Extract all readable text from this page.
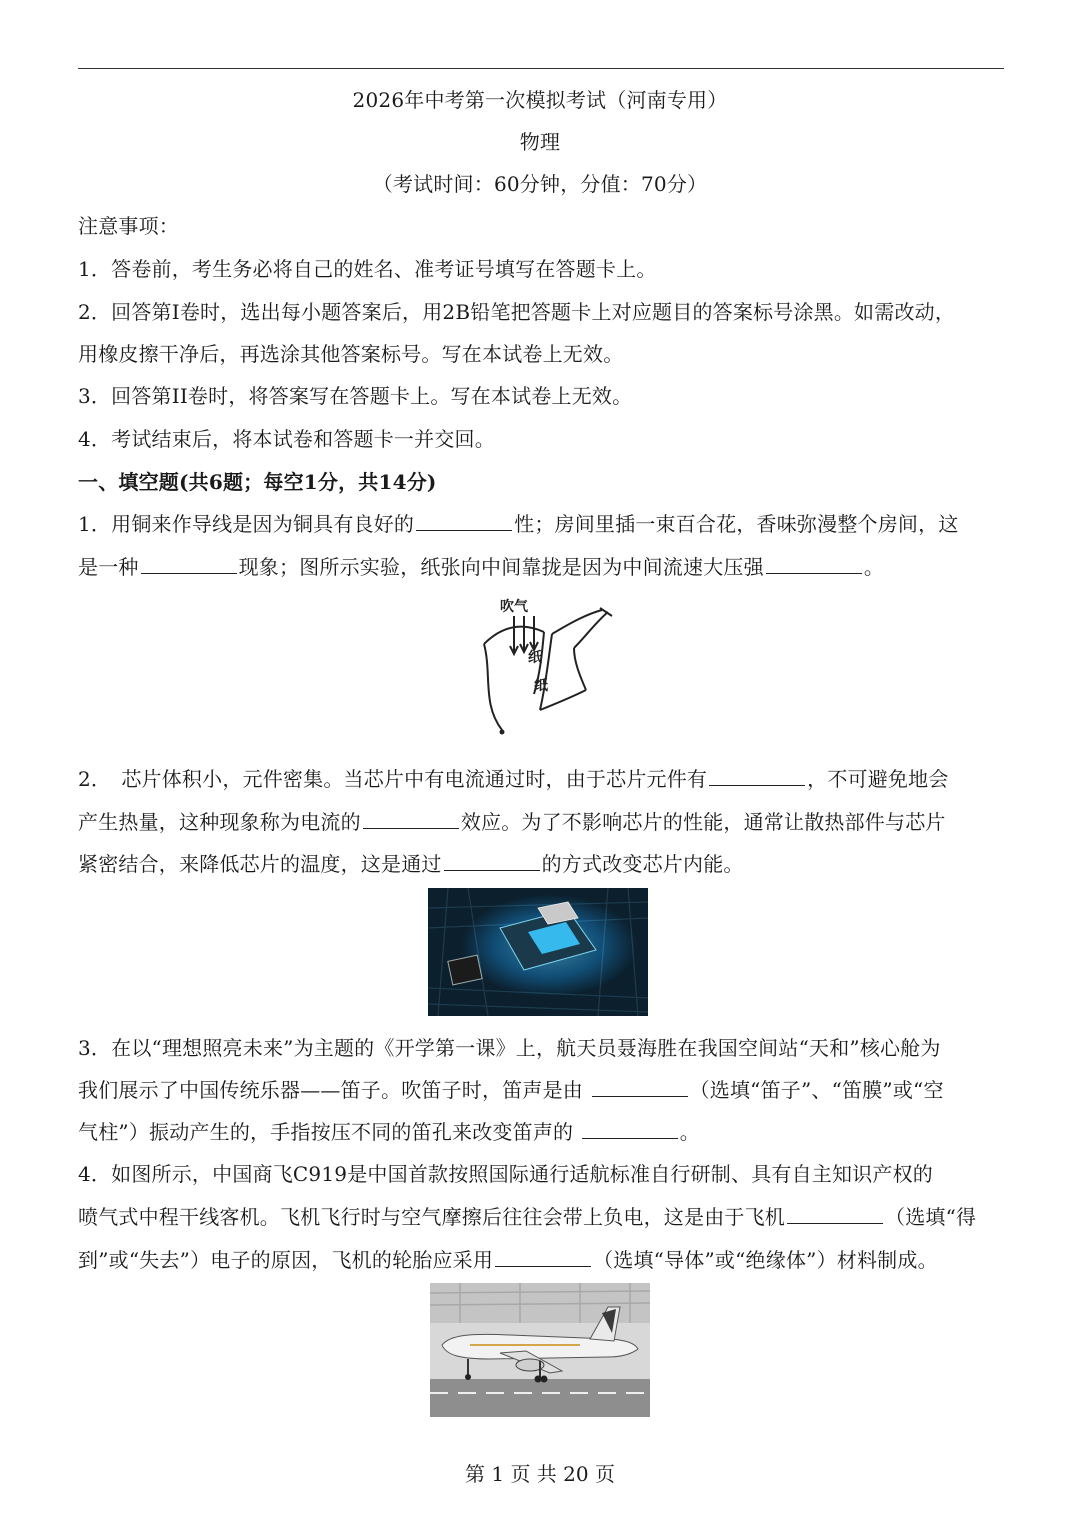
2026年中考第一次模拟考试（河南专用）
物理
（考试时间：60分钟，分值：70分）
注意事项：
1．答卷前，考生务必将自己的姓名、准考证号填写在答题卡上。
2．回答第I卷时，选出每小题答案后，用2B铅笔把答题卡上对应题目的答案标号涂黑。如需改动，
用橡皮擦干净后，再选涂其他答案标号。写在本试卷上无效。
3．回答第II卷时，将答案写在答题卡上。写在本试卷上无效。
4．考试结束后，将本试卷和答题卡一并交回。
一、填空题(共6题；每空1分，共14分)
1．用铜来作导线是因为铜具有良好的	性；房间里插一束百合花，香味弥漫整个房间，这
是一种	现象；图所示实验，纸张向中间靠拢是因为中间流速大压强	。
吹气
纸
纸
2．　芯片体积小，元件密集。当芯片中有电流通过时，由于芯片元件有	，不可避免地会
产生热量，这种现象称为电流的	效应。为了不影响芯片的性能，通常让散热部件与芯片
紧密结合，来降低芯片的温度，这是通过	的方式改变芯片内能。
3．在以“理想照亮未来”为主题的《开学第一课》上，航天员聂海胜在我国空间站“天和”核心舱为
我们展示了中国传统乐器——笛子。吹笛子时，笛声是由	（选填“笛子”、“笛膜”或“空
气柱”）振动产生的，手指按压不同的笛孔来改变笛声的	。
4．如图所示，中国商飞C919是中国首款按照国际通行适航标准自行研制、具有自主知识产权的
喷气式中程干线客机。飞机飞行时与空气摩擦后往往会带上负电，这是由于飞机	（选填“得
到”或“失去”）电子的原因，飞机的轮胎应采用	（选填“导体”或“绝缘体”）材料制成。
第 1 页 共 20 页
